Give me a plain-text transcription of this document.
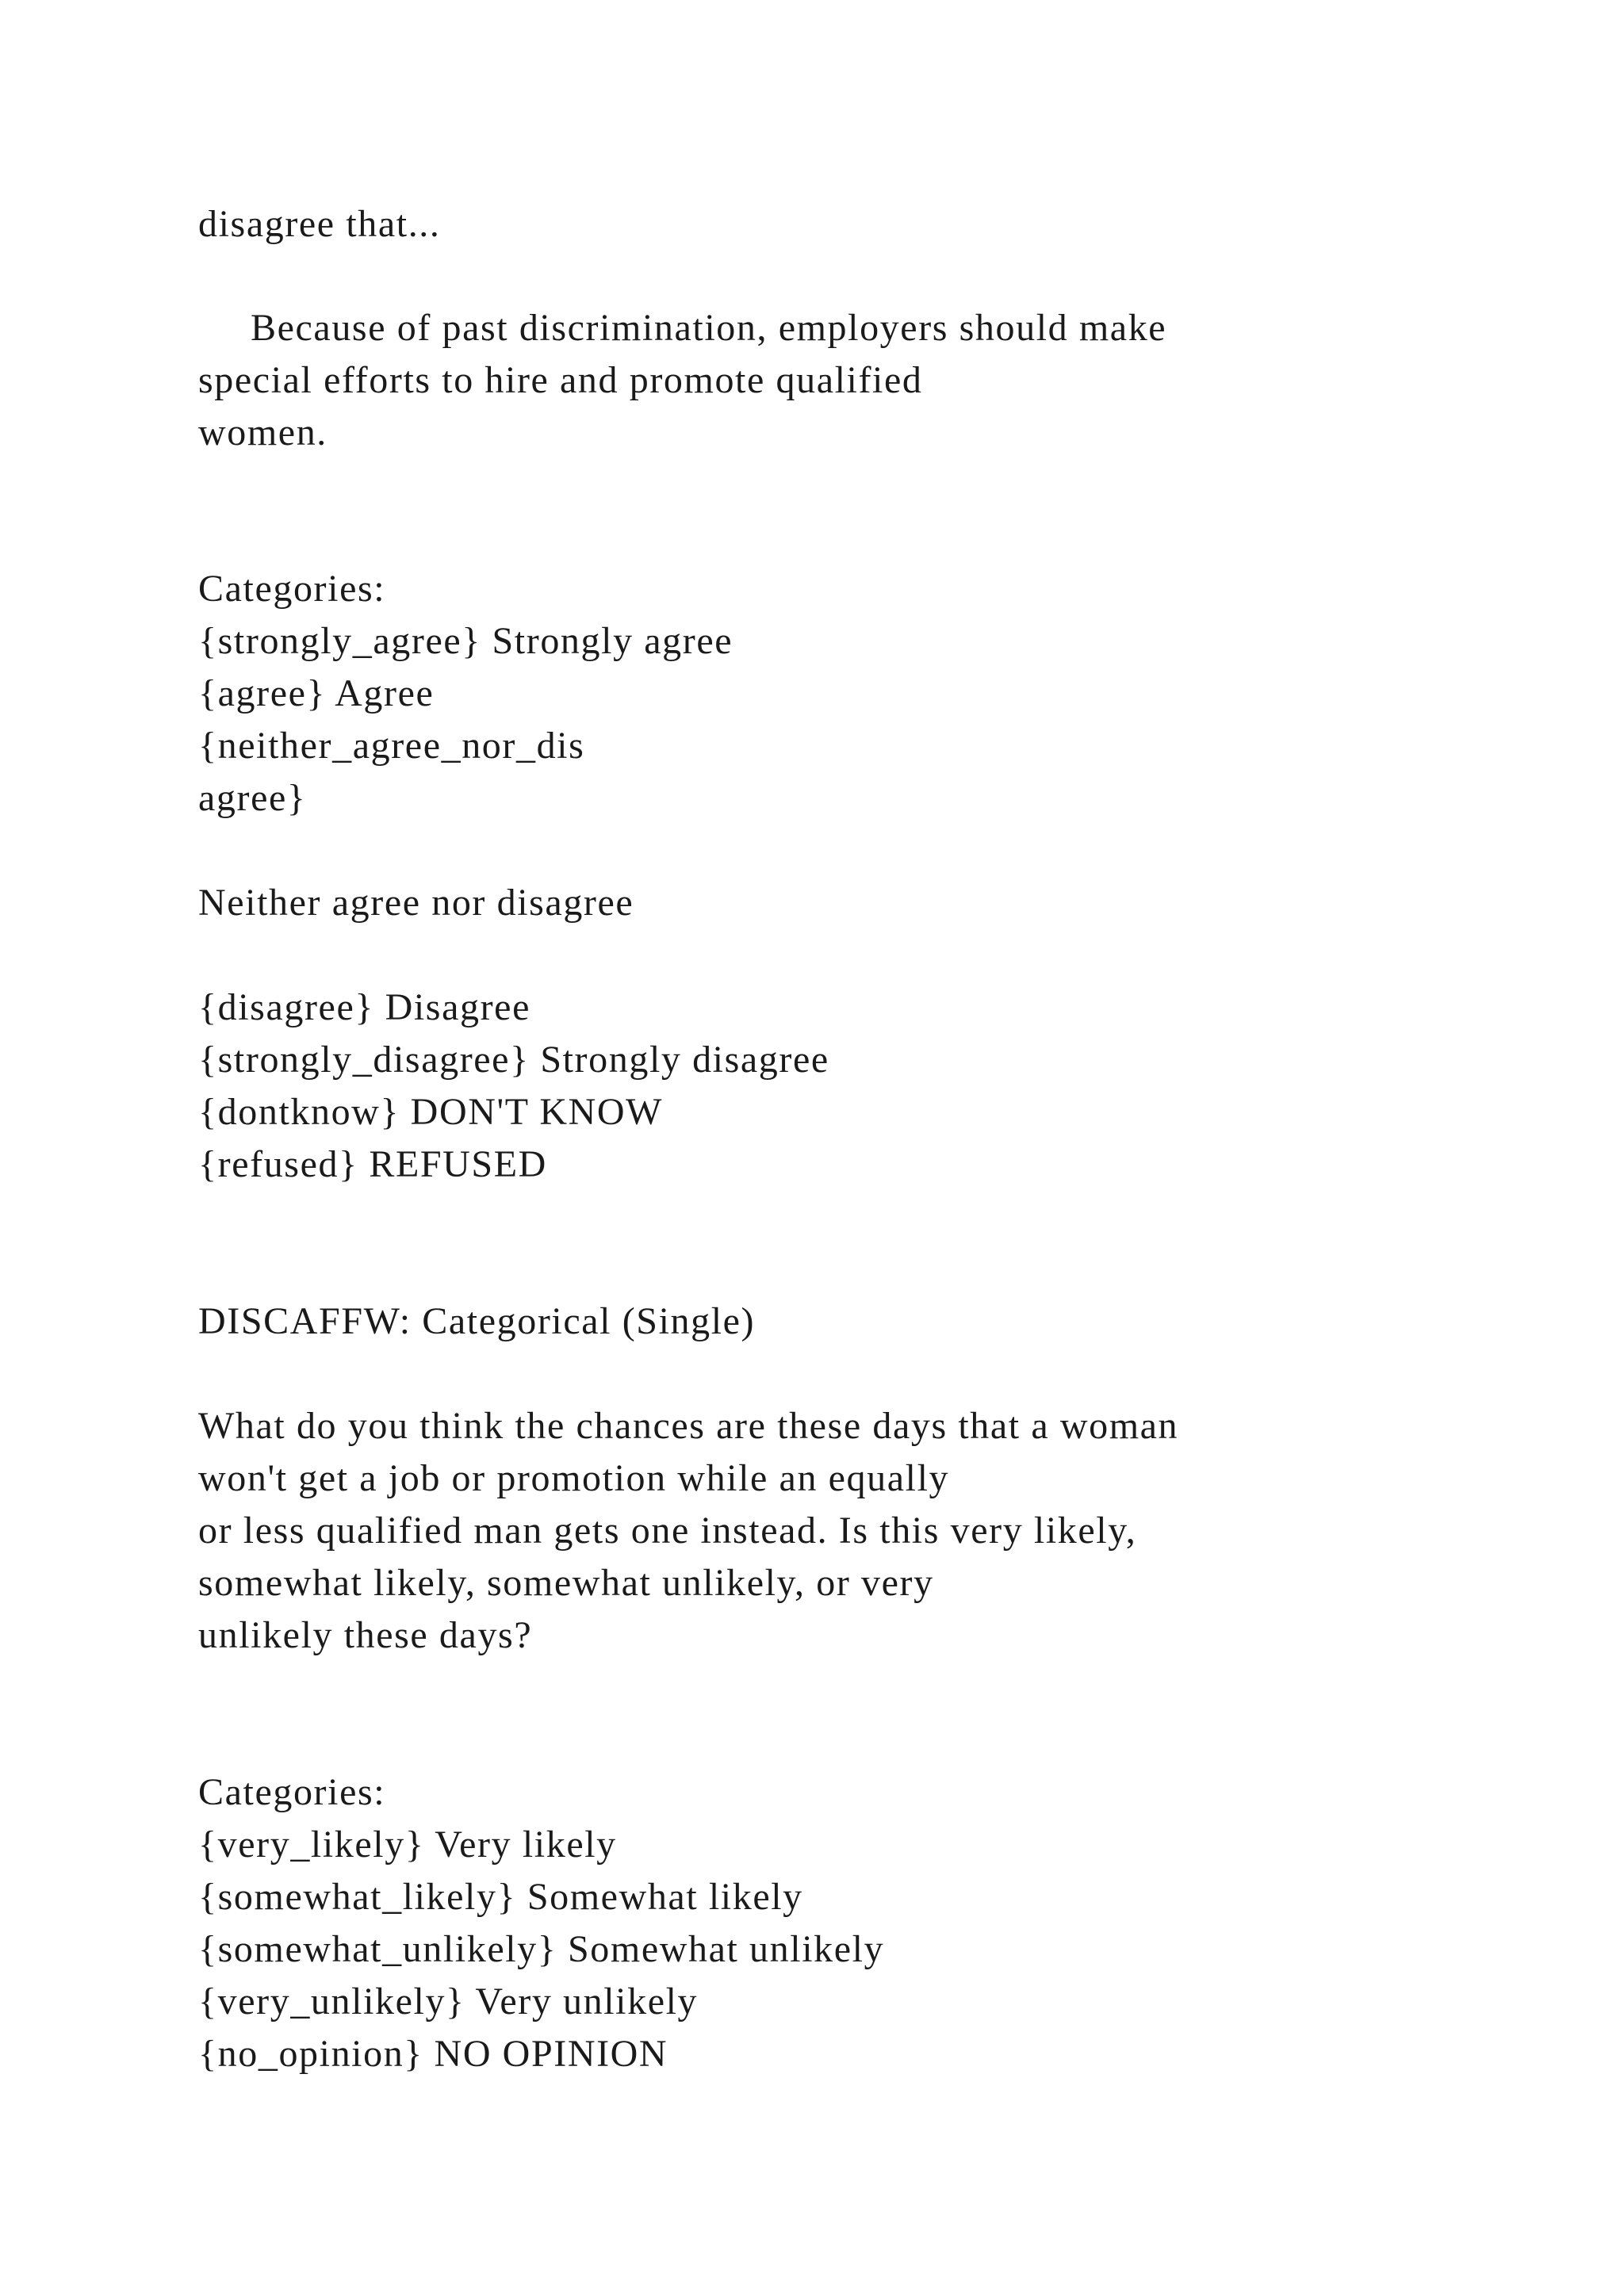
disagree that...

Because of past discrimination, employers should make

special efforts to hire and promote qualified

women.

Categories:

{strongly_agree} Strongly agree

{agree} Agree

{neither_agree_nor_dis

agree}

Neither agree nor disagree

{disagree} Disagree

{strongly_disagree} Strongly disagree

{dontknow} DON'T KNOW

{refused} REFUSED

DISCAFFW: Categorical (Single)

What do you think the chances are these days that a woman

won't get a job or promotion while an equally

or less qualified man gets one instead. Is this very likely,

somewhat likely, somewhat unlikely, or very

unlikely these days?

Categories:

{very_likely} Very likely

{somewhat_likely} Somewhat likely

{somewhat_unlikely} Somewhat unlikely

{very_unlikely} Very unlikely

{no_opinion} NO OPINION
